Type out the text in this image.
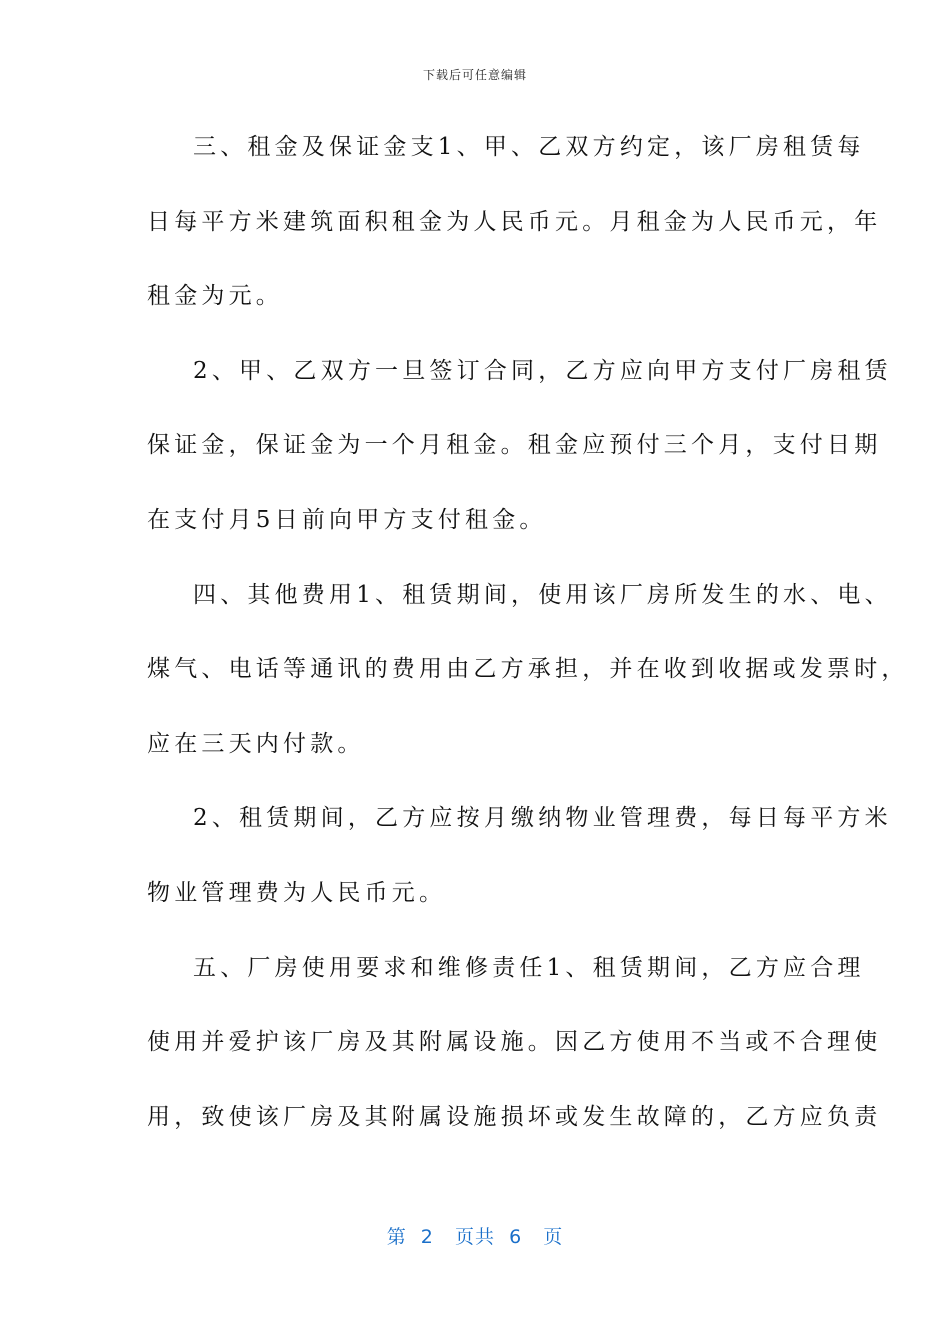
下载后可任意编辑
三、租金及保证金支1、甲、乙双方约定，该厂房租赁每
日每平方米建筑面积租金为人民币元。月租金为人民币元，年
租金为元。
2、甲、乙双方一旦签订合同，乙方应向甲方支付厂房租赁
保证金，保证金为一个月租金。租金应预付三个月，支付日期
在支付月5日前向甲方支付租金。
四、其他费用1、租赁期间，使用该厂房所发生的水、电、
煤气、电话等通讯的费用由乙方承担，并在收到收据或发票时，
应在三天内付款。
2、租赁期间，乙方应按月缴纳物业管理费，每日每平方米
物业管理费为人民币元。
五、厂房使用要求和维修责任1、租赁期间，乙方应合理
使用并爱护该厂房及其附属设施。因乙方使用不当或不合理使
用，致使该厂房及其附属设施损坏或发生故障的，乙方应负责
第  2   页共  6   页
